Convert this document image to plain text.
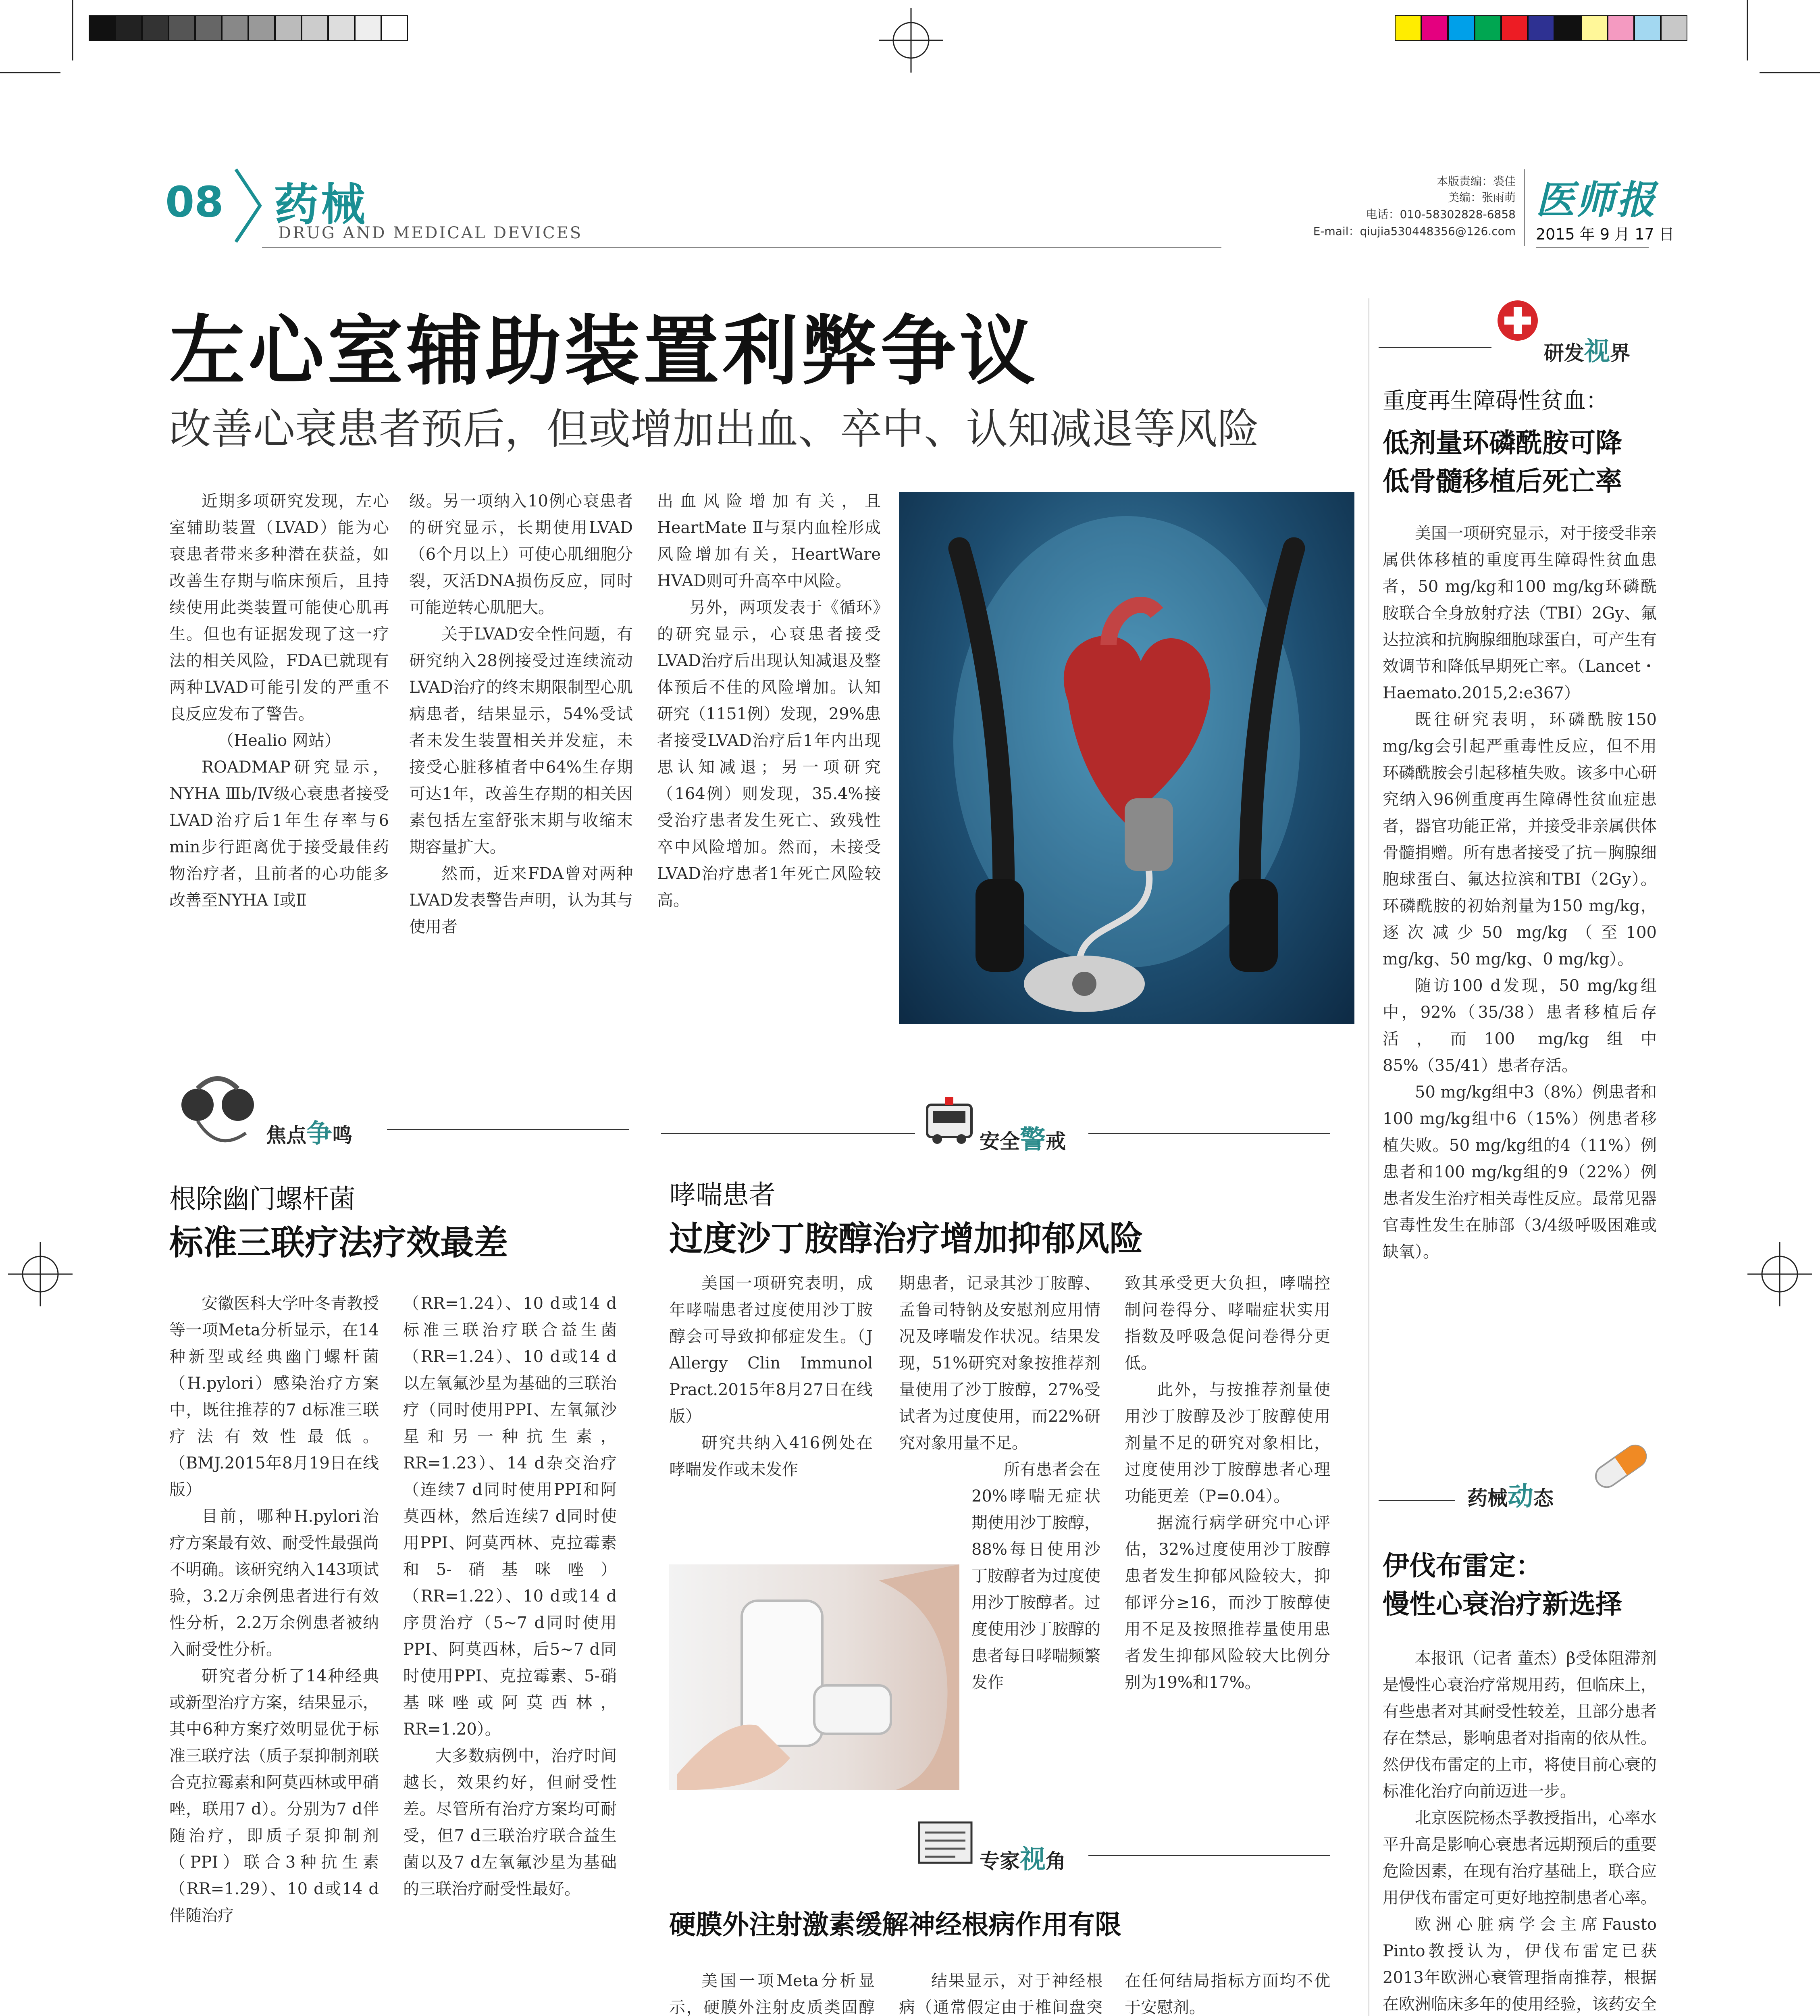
08 药械
DRUG AND MEDICAL DEVICES
本版责编：裘佳
美编：张雨萌
电话：010-58302828-6858
E-mail：qiujia530448356@126.com
医师报
2015 年 9 月 17 日
左心室辅助装置利弊争议
改善心衰患者预后，但或增加出血、卒中、认知减退等风险

近期多项研究发现，左心室辅助装置（LVAD）能为心衰患者带来多种潜在获益，如改善生存期与临床预后，且持续使用此类装置可能使心肌再生。但也有证据发现了这一疗法的相关风险，FDA已就现有两种LVAD可能引发的严重不良反应发布了警告。

（Healio 网站）

ROADMAP研究显示，NYHA Ⅲb/Ⅳ级心衰患者接受LVAD治疗后1年生存率与6 min步行距离优于接受最佳药物治疗者，且前者的心功能多改善至NYHA Ⅰ或Ⅱ

级。另一项纳入10例心衰患者的研究显示，长期使用LVAD（6个月以上）可使心肌细胞分裂，灭活DNA损伤反应，同时可能逆转心肌肥大。

关于LVAD安全性问题，有研究纳入28例接受过连续流动LVAD治疗的终末期限制型心肌病患者，结果显示，54%受试者未发生装置相关并发症，未接受心脏移植者中64%生存期可达1年，改善生存期的相关因素包括左室舒张末期与收缩末期容量扩大。

然而，近来FDA曾对两种LVAD发表警告声明，认为其与使用者

出血风险增加有关，且HeartMate Ⅱ与泵内血栓形成风险增加有关，HeartWare HVAD则可升高卒中风险。

另外，两项发表于《循环》的研究显示，心衰患者接受LVAD治疗后出现认知减退及整体预后不佳的风险增加。认知研究（1151例）发现，29%患者接受LVAD治疗后1年内出现思认知减退；另一项研究（164例）则发现，35.4%接受治疗患者发生死亡、致残性卒中风险增加。然而，未接受LVAD治疗患者1年死亡风险较高。

焦点争鸣
根除幽门螺杆菌
标准三联疗法疗效最差

安徽医科大学叶冬青教授等一项Meta分析显示，在14种新型或经典幽门螺杆菌（H.pylori）感染治疗方案中，既往推荐的7 d标准三联疗法有效性最低。（BMJ.2015年8月19日在线版）

目前，哪种H.pylori治疗方案最有效、耐受性最强尚不明确。该研究纳入143项试验，3.2万余例患者进行有效性分析，2.2万余例患者被纳入耐受性分析。

研究者分析了14种经典或新型治疗方案，结果显示，其中6种方案疗效明显优于标准三联疗法（质子泵抑制剂联合克拉霉素和阿莫西林或甲硝唑，联用7 d）。分别为7 d伴随治疗，即质子泵抑制剂（PPI）联合3种抗生素（RR=1.29）、10 d或14 d伴随治疗

（RR=1.24）、10 d或14 d标准三联治疗联合益生菌（RR=1.24）、10 d或14 d以左氧氟沙星为基础的三联治疗（同时使用PPI、左氧氟沙星和另一种抗生素，RR=1.23）、14 d杂交治疗（连续7 d同时使用PPI和阿莫西林，然后连续7 d同时使用PPI、阿莫西林、克拉霉素和5-硝基咪唑）（RR=1.22）、10 d或14 d序贯治疗（5~7 d同时使用PPI、阿莫西林，后5~7 d同时使用PPI、克拉霉素、5-硝基咪唑或阿莫西林，RR=1.20）。

大多数病例中，治疗时间越长，效果约好，但耐受性差。尽管所有治疗方案均可耐受，但7 d三联治疗联合益生菌以及7 d左氧氟沙星为基础的三联治疗耐受性最好。

安全警戒
哮喘患者
过度沙丁胺醇治疗增加抑郁风险

美国一项研究表明，成年哮喘患者过度使用沙丁胺醇会可导致抑郁症发生。（J Allergy Clin Immunol Pract.2015年8月27日在线版）

研究共纳入416例处在哮喘发作或未发作

期患者，记录其沙丁胺醇、孟鲁司特钠及安慰剂应用情况及哮喘发作状况。结果发现，51%研究对象按推荐剂量使用了沙丁胺醇，27%受试者为过度使用，而22%研究对象用量不足。

所有患者会在20%哮喘无症状期使用沙丁胺醇，88%每日使用沙丁胺醇者为过度使用沙丁胺醇者。过度使用沙丁胺醇的患者每日哮喘频繁发作

致其承受更大负担，哮喘控制问卷得分、哮喘症状实用指数及呼吸急促问卷得分更低。

此外，与按推荐剂量使用沙丁胺醇及沙丁胺醇使用剂量不足的研究对象相比，过度使用沙丁胺醇患者心理功能更差（P=0.04）。

据流行病学研究中心评估，32%过度使用沙丁胺醇患者发生抑郁风险较大，抑郁评分≥16，而沙丁胺醇使用不足及按照推荐量使用患者发生抑郁风险较大比例分别为19%和17%。

专家视角
硬膜外注射激素缓解神经根病作用有限

美国一项Meta分析显示，硬膜外注射皮质类固醇

结果显示，对于神经根病（通常假定由于椎间盘突

在任何结局指标方面均不优于安慰剂。

研发视界
重度再生障碍性贫血：
低剂量环磷酰胺可降
低骨髓移植后死亡率

美国一项研究显示，对于接受非亲属供体移植的重度再生障碍性贫血患者，50 mg/kg和100 mg/kg环磷酰胺联合全身放射疗法（TBI）2Gy、氟达拉滨和抗胸腺细胞球蛋白，可产生有效调节和降低早期死亡率。（Lancet・Haemato.2015,2:e367）

既往研究表明，环磷酰胺150 mg/kg会引起严重毒性反应，但不用环磷酰胺会引起移植失败。该多中心研究纳入96例重度再生障碍性贫血症患者，器官功能正常，并接受非亲属供体骨髓捐赠。所有患者接受了抗－胸腺细胞球蛋白、氟达拉滨和TBI（2Gy）。环磷酰胺的初始剂量为150 mg/kg，逐次减少50 mg/kg（至100 mg/kg、50 mg/kg、0 mg/kg）。

随访100 d发现，50 mg/kg组中，92%（35/38）患者移植后存活，而100 mg/kg组中85%（35/41）患者存活。

50 mg/kg组中3（8%）例患者和100 mg/kg组中6（15%）例患者移植失败。50 mg/kg组的4（11%）例患者和100 mg/kg组的9（22%）例患者发生治疗相关毒性反应。最常见器官毒性发生在肺部（3/4级呼吸困难或缺氧）。

药械动态
伊伐布雷定：
慢性心衰治疗新选择

本报讯（记者 董杰）β受体阻滞剂是慢性心衰治疗常规用药，但临床上，有些患者对其耐受性较差，且部分患者存在禁忌，影响患者对指南的依从性。然伊伐布雷定的上市，将使目前心衰的标准化治疗向前迈进一步。

北京医院杨杰孚教授指出，心率水平升高是影响心衰患者远期预后的重要危险因素，在现有治疗基础上，联合应用伊伐布雷定可更好地控制患者心率。

欧洲心脏病学会主席Fausto Pinto教授认为，伊伐布雷定已获2013年欧洲心衰管理指南推荐，根据在欧洲临床多年的使用经验，该药安全
